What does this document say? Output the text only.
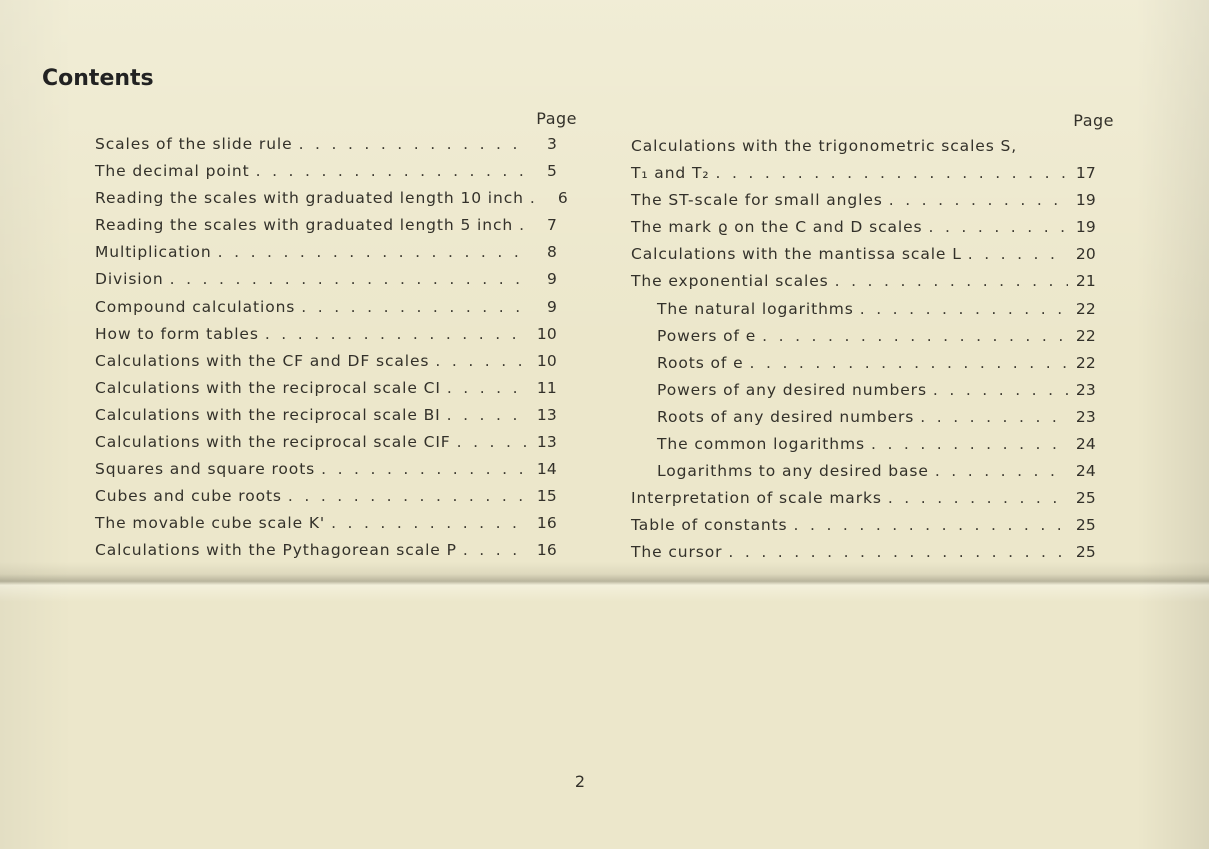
Contents
Page
Scales of the slide rule . . .	3
The decimal point . . .	5
Reading the scales with graduated length 10 inch . . .	6
Reading the scales with graduated length 5 inch . . .	7
Multiplication . . .	8
Division . . .	9
Compound calculations . . .	9
How to form tables . . .	10
Calculations with the CF and DF scales . . .	10
Calculations with the reciprocal scale CI . . .	11
Calculations with the reciprocal scale BI . . .	13
Calculations with the reciprocal scale CIF . . .	13
Squares and square roots . . .	14
Cubes and cube roots . . .	15
The movable cube scale K' . . .	16
Calculations with the Pythagorean scale P . . .	16
Page
Calculations with the trigonometric scales S,
T₁ and T₂ . . .	17
The ST-scale for small angles . . .	19
The mark ϱ on the C and D scales . . .	19
Calculations with the mantissa scale L . . .	20
The exponential scales . . .	21
The natural logarithms . . .	22
Powers of e . . .	22
Roots of e . . .	22
Powers of any desired numbers . . .	23
Roots of any desired numbers . . .	23
The common logarithms . . .	24
Logarithms to any desired base . . .	24
Interpretation of scale marks . . .	25
Table of constants . . .	25
The cursor . . .	25
2
